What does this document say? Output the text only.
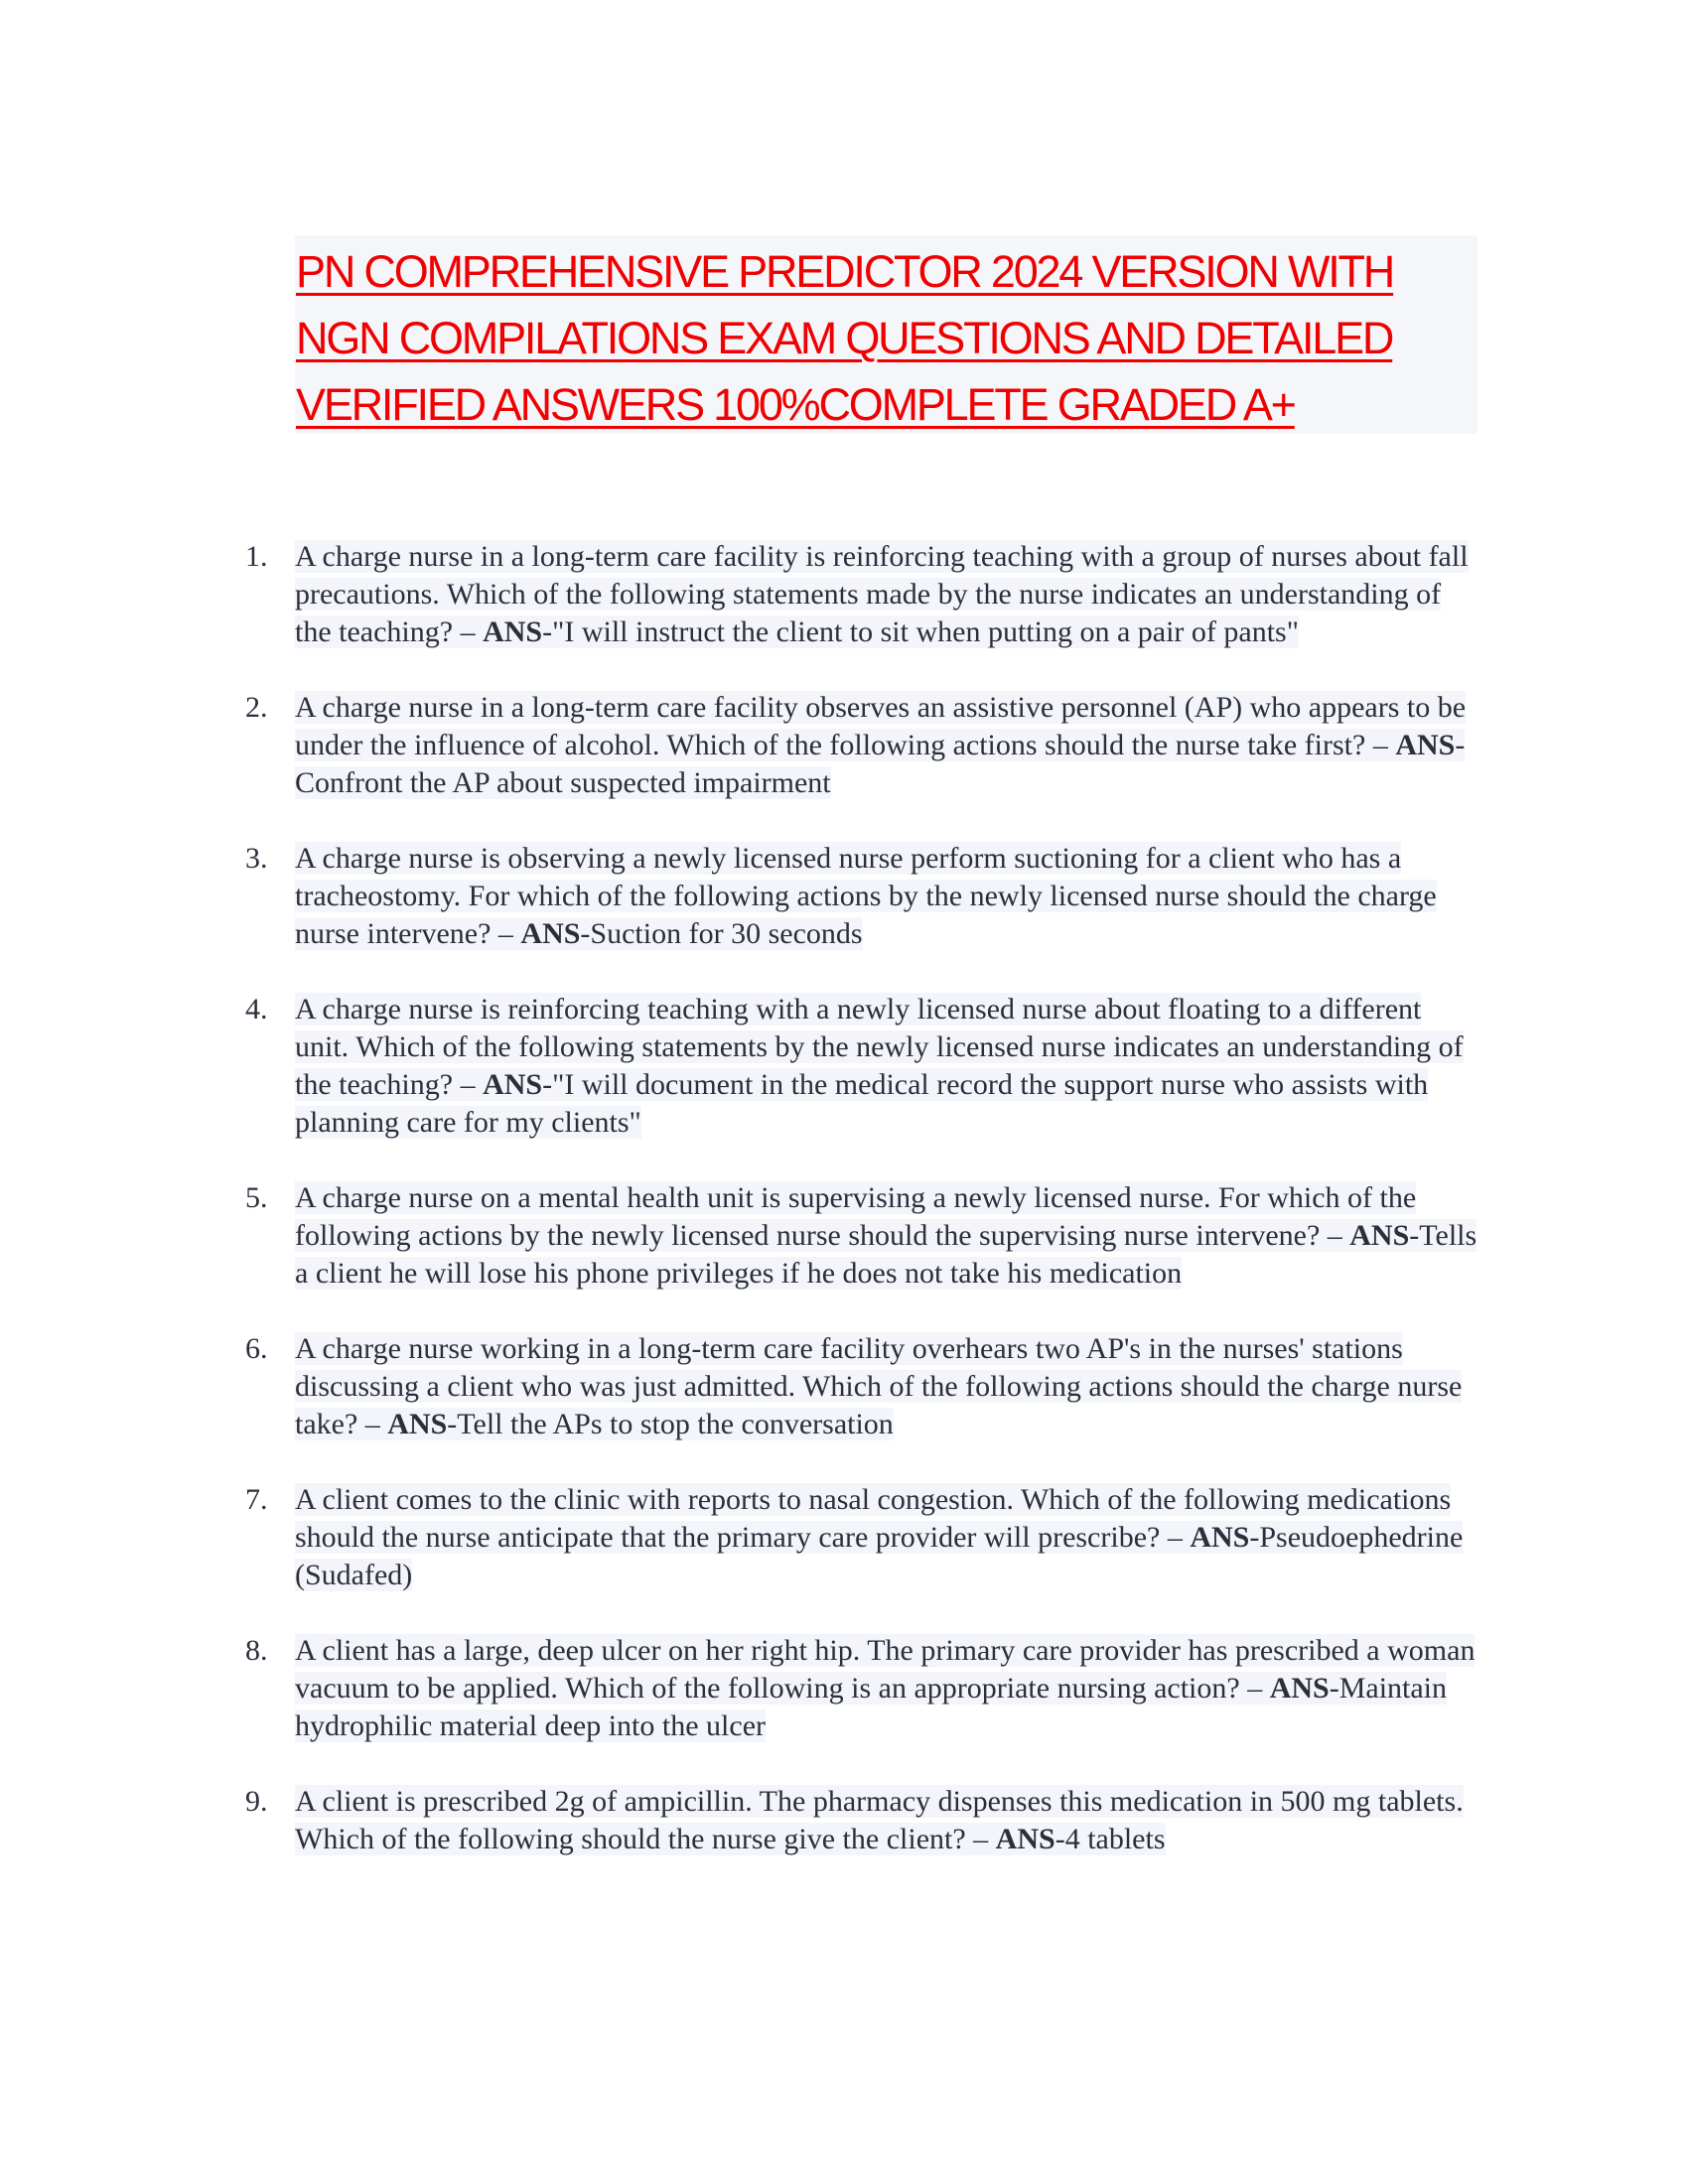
PN COMPREHENSIVE PREDICTOR 2024 VERSION WITH
NGN COMPILATIONS EXAM QUESTIONS AND DETAILED
VERIFIED ANSWERS 100%COMPLETE GRADED A+
1. A charge nurse in a long-term care facility is reinforcing teaching with a group of nurses about fall precautions. Which of the following statements made by the nurse indicates an understanding of the teaching? – ANS-"I will instruct the client to sit when putting on a pair of pants"
2. A charge nurse in a long-term care facility observes an assistive personnel (AP) who appears to be under the influence of alcohol. Which of the following actions should the nurse take first? – ANS-Confront the AP about suspected impairment
3. A charge nurse is observing a newly licensed nurse perform suctioning for a client who has a tracheostomy. For which of the following actions by the newly licensed nurse should the charge nurse intervene? – ANS-Suction for 30 seconds
4. A charge nurse is reinforcing teaching with a newly licensed nurse about floating to a different unit. Which of the following statements by the newly licensed nurse indicates an understanding of the teaching? – ANS-"I will document in the medical record the support nurse who assists with planning care for my clients"
5. A charge nurse on a mental health unit is supervising a newly licensed nurse. For which of the following actions by the newly licensed nurse should the supervising nurse intervene? – ANS-Tells a client he will lose his phone privileges if he does not take his medication
6. A charge nurse working in a long-term care facility overhears two AP's in the nurses' stations discussing a client who was just admitted. Which of the following actions should the charge nurse take? – ANS-Tell the APs to stop the conversation
7. A client comes to the clinic with reports to nasal congestion. Which of the following medications should the nurse anticipate that the primary care provider will prescribe? – ANS-Pseudoephedrine (Sudafed)
8. A client has a large, deep ulcer on her right hip. The primary care provider has prescribed a woman vacuum to be applied. Which of the following is an appropriate nursing action? – ANS-Maintain hydrophilic material deep into the ulcer
9. A client is prescribed 2g of ampicillin. The pharmacy dispenses this medication in 500 mg tablets. Which of the following should the nurse give the client? – ANS-4 tablets
